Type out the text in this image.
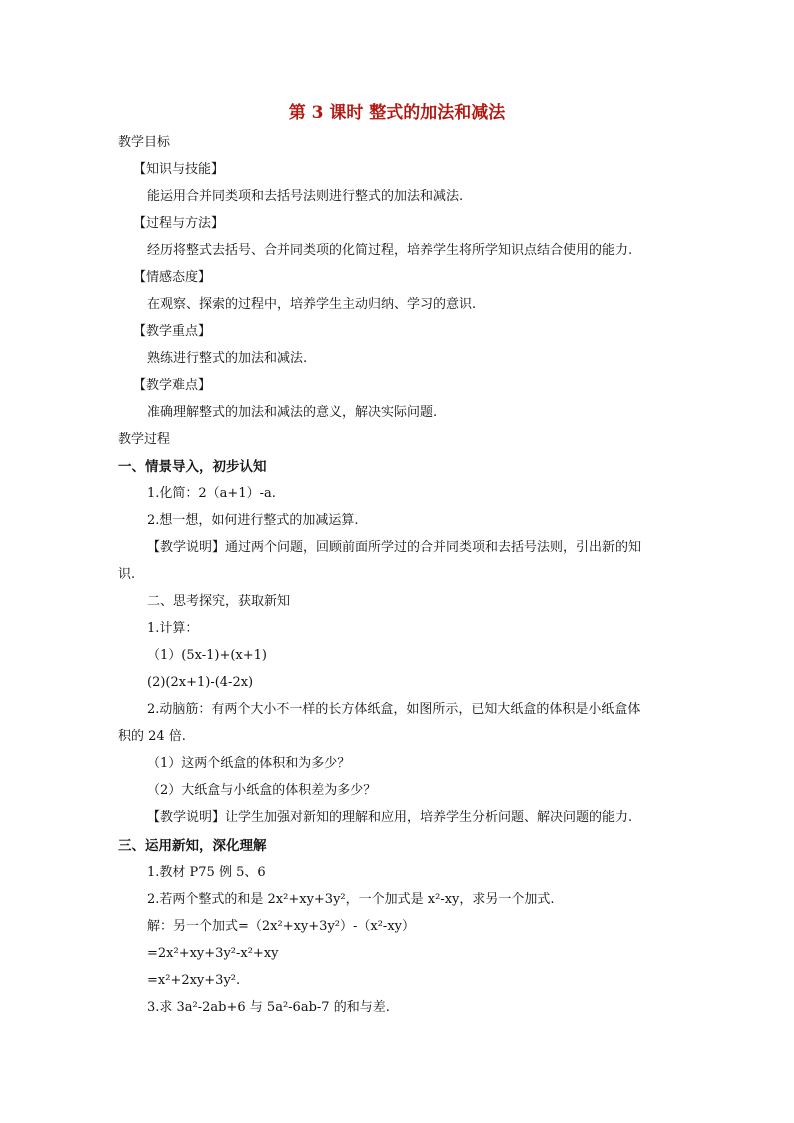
第 3 课时 整式的加法和减法
教学目标
【知识与技能】
能运用合并同类项和去括号法则进行整式的加法和减法.
【过程与方法】
经历将整式去括号、合并同类项的化简过程，培养学生将所学知识点结合使用的能力.
【情感态度】
在观察、探索的过程中，培养学生主动归纳、学习的意识.
【教学重点】
熟练进行整式的加法和减法.
【教学难点】
准确理解整式的加法和减法的意义，解决实际问题.
教学过程
一、情景导入，初步认知
1.化简：2（a+1）-a.
2.想一想，如何进行整式的加减运算.
【教学说明】通过两个问题，回顾前面所学过的合并同类项和去括号法则，引出新的知
识.
二、思考探究，获取新知
1.计算：
（1）(5x-1)+(x+1)
(2)(2x+1)-(4-2x)
2.动脑筋：有两个大小不一样的长方体纸盒，如图所示，已知大纸盒的体积是小纸盒体
积的 24 倍.
（1）这两个纸盒的体积和为多少？
（2）大纸盒与小纸盒的体积差为多少？
【教学说明】让学生加强对新知的理解和应用，培养学生分析问题、解决问题的能力.
三、运用新知，深化理解
1.教材 P75 例 5、6
2.若两个整式的和是 2x²+xy+3y²，一个加式是 x²-xy，求另一个加式.
解：另一个加式=（2x²+xy+3y²）-（x²-xy）
=2x²+xy+3y²-x²+xy
=x²+2xy+3y².
3.求 3a²-2ab+6 与 5a²-6ab-7 的和与差.
